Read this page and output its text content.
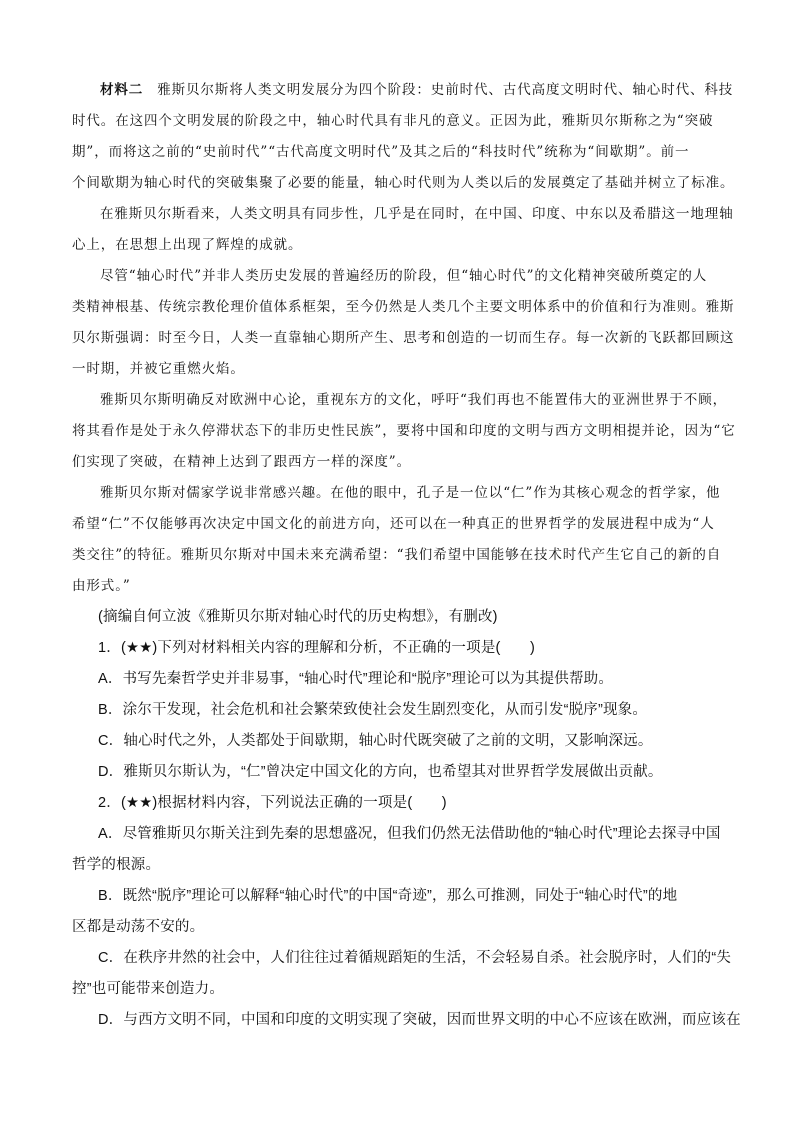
材料二 雅斯贝尔斯将人类文明发展分为四个阶段：史前时代、古代高度文明时代、轴心时代、科技
时代。在这四个文明发展的阶段之中，轴心时代具有非凡的意义。正因为此，雅斯贝尔斯称之为“突破
期”，而将这之前的“史前时代”“古代高度文明时代”及其之后的“科技时代”统称为“间歇期”。前一
个间歇期为轴心时代的突破集聚了必要的能量，轴心时代则为人类以后的发展奠定了基础并树立了标准。
在雅斯贝尔斯看来，人类文明具有同步性，几乎是在同时，在中国、印度、中东以及希腊这一地理轴
心上，在思想上出现了辉煌的成就。
尽管“轴心时代”并非人类历史发展的普遍经历的阶段，但“轴心时代”的文化精神突破所奠定的人
类精神根基、传统宗教伦理价值体系框架，至今仍然是人类几个主要文明体系中的价值和行为准则。雅斯
贝尔斯强调：时至今日，人类一直靠轴心期所产生、思考和创造的一切而生存。每一次新的飞跃都回顾这
一时期，并被它重燃火焰。
雅斯贝尔斯明确反对欧洲中心论，重视东方的文化，呼吁“我们再也不能置伟大的亚洲世界于不顾，
将其看作是处于永久停滞状态下的非历史性民族”，要将中国和印度的文明与西方文明相提并论，因为“它
们实现了突破，在精神上达到了跟西方一样的深度”。
雅斯贝尔斯对儒家学说非常感兴趣。在他的眼中，孔子是一位以“仁”作为其核心观念的哲学家，他
希望“仁”不仅能够再次决定中国文化的前进方向，还可以在一种真正的世界哲学的发展进程中成为“人
类交往”的特征。雅斯贝尔斯对中国未来充满希望：“我们希望中国能够在技术时代产生它自己的新的自
由形式。”
(摘编自何立波《雅斯贝尔斯对轴心时代的历史构想》，有删改)
1．(★★)下列对材料相关内容的理解和分析，不正确的一项是(　　)
A．书写先秦哲学史并非易事，“轴心时代”理论和“脱序”理论可以为其提供帮助。
B．涂尔干发现，社会危机和社会繁荣致使社会发生剧烈变化，从而引发“脱序”现象。
C．轴心时代之外，人类都处于间歇期，轴心时代既突破了之前的文明，又影响深远。
D．雅斯贝尔斯认为，“仁”曾决定中国文化的方向，也希望其对世界哲学发展做出贡献。
2．(★★)根据材料内容，下列说法正确的一项是(　　)
A．尽管雅斯贝尔斯关注到先秦的思想盛况，但我们仍然无法借助他的“轴心时代”理论去探寻中国
哲学的根源。
B．既然“脱序”理论可以解释“轴心时代”的中国“奇迹”，那么可推测，同处于“轴心时代”的地
区都是动荡不安的。
C．在秩序井然的社会中，人们往往过着循规蹈矩的生活，不会轻易自杀。社会脱序时，人们的“失
控”也可能带来创造力。
D．与西方文明不同，中国和印度的文明实现了突破，因而世界文明的中心不应该在欧洲，而应该在
